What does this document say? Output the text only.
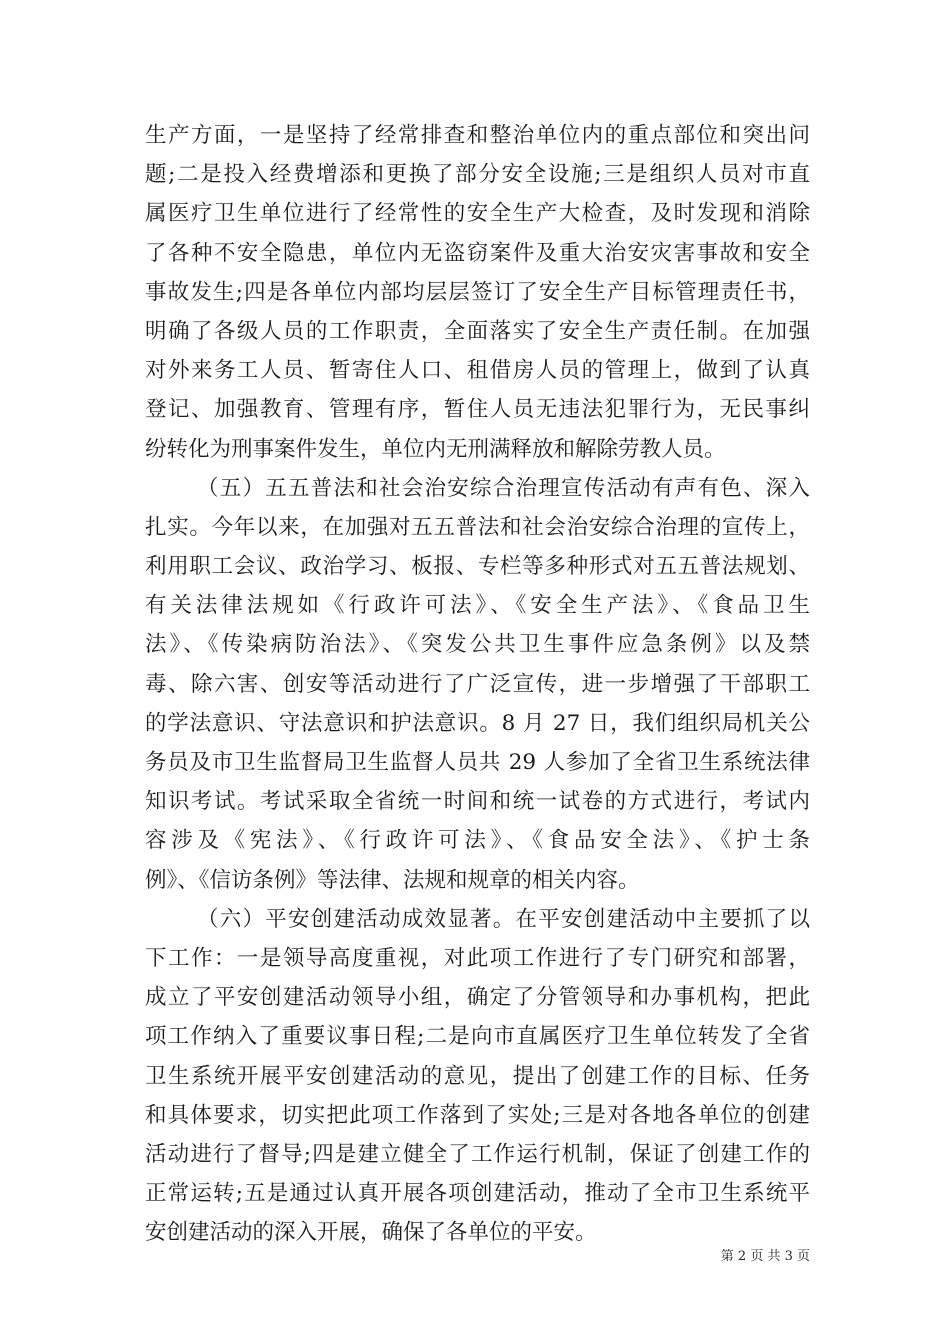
生产方面，一是坚持了经常排查和整治单位内的重点部位和突出问
题;二是投入经费增添和更换了部分安全设施;三是组织人员对市直
属医疗卫生单位进行了经常性的安全生产大检查，及时发现和消除
了各种不安全隐患，单位内无盗窃案件及重大治安灾害事故和安全
事故发生;四是各单位内部均层层签订了安全生产目标管理责任书，
明确了各级人员的工作职责，全面落实了安全生产责任制。在加强
对外来务工人员、暂寄住人口、租借房人员的管理上，做到了认真
登记、加强教育、管理有序，暂住人员无违法犯罪行为，无民事纠
纷转化为刑事案件发生，单位内无刑满释放和解除劳教人员。
（五）五五普法和社会治安综合治理宣传活动有声有色、深入
扎实。今年以来，在加强对五五普法和社会治安综合治理的宣传上，
利用职工会议、政治学习、板报、专栏等多种形式对五五普法规划、
有关法律法规如《行政许可法》、《安全生产法》、《食品卫生
法》、《传染病防治法》、《突发公共卫生事件应急条例》以及禁
毒、除六害、创安等活动进行了广泛宣传，进一步增强了干部职工
的学法意识、守法意识和护法意识。8 月 27 日，我们组织局机关公
务员及市卫生监督局卫生监督人员共 29 人参加了全省卫生系统法律
知识考试。考试采取全省统一时间和统一试卷的方式进行，考试内
容涉及《宪法》、《行政许可法》、《食品安全法》、《护士条
例》、《信访条例》等法律、法规和规章的相关内容。
（六）平安创建活动成效显著。在平安创建活动中主要抓了以
下工作：一是领导高度重视，对此项工作进行了专门研究和部署，
成立了平安创建活动领导小组，确定了分管领导和办事机构，把此
项工作纳入了重要议事日程;二是向市直属医疗卫生单位转发了全省
卫生系统开展平安创建活动的意见，提出了创建工作的目标、任务
和具体要求，切实把此项工作落到了实处;三是对各地各单位的创建
活动进行了督导;四是建立健全了工作运行机制，保证了创建工作的
正常运转;五是通过认真开展各项创建活动，推动了全市卫生系统平
安创建活动的深入开展，确保了各单位的平安。
第 2 页 共 3 页
